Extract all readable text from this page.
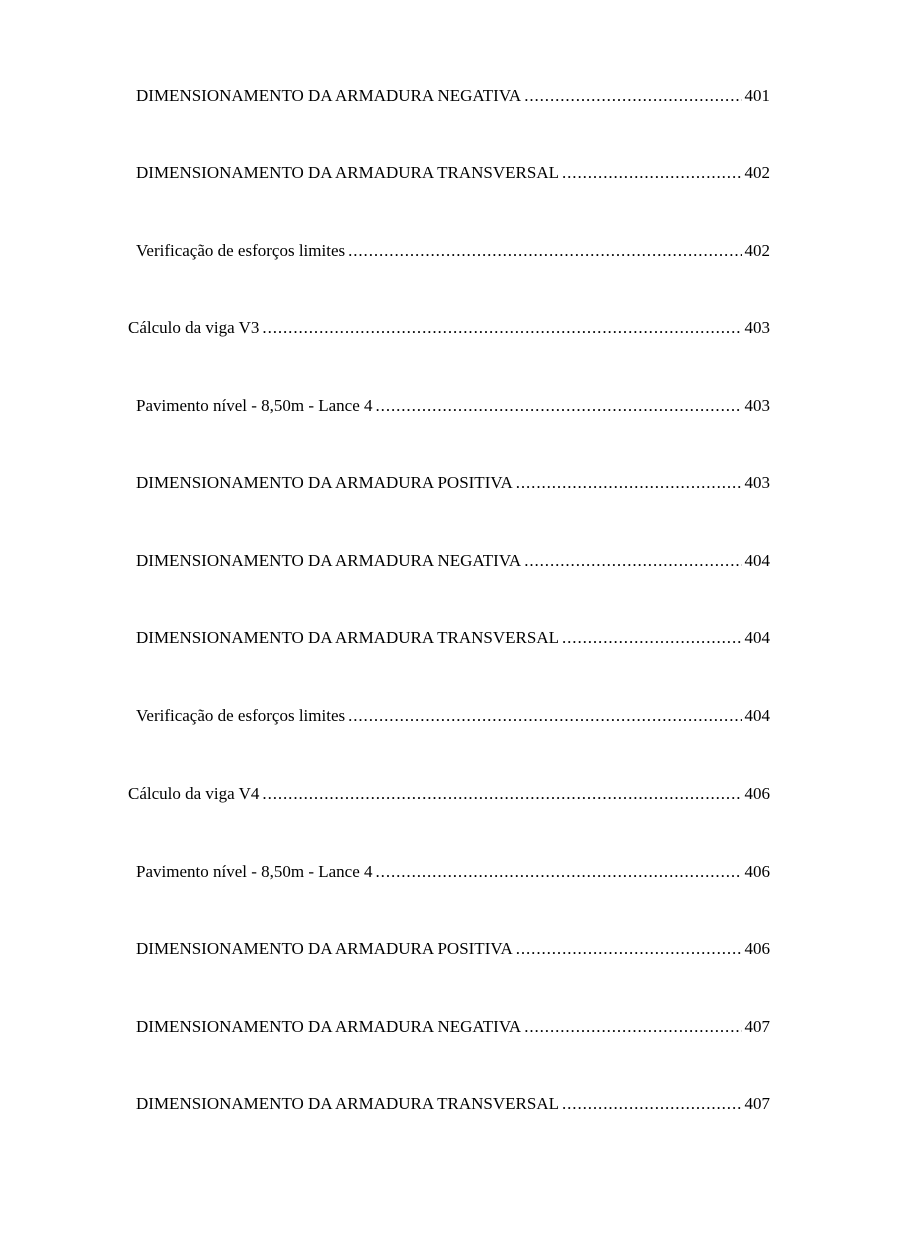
DIMENSIONAMENTO DA ARMADURA NEGATIVA .....	401
DIMENSIONAMENTO DA ARMADURA TRANSVERSAL .....	402
Verificação de esforços limites .....	402
Cálculo da viga V3 .....	403
Pavimento nível - 8,50m - Lance 4 .....	403
DIMENSIONAMENTO DA ARMADURA POSITIVA .....	403
DIMENSIONAMENTO DA ARMADURA NEGATIVA .....	404
DIMENSIONAMENTO DA ARMADURA TRANSVERSAL .....	404
Verificação de esforços limites .....	404
Cálculo da viga V4 .....	406
Pavimento nível - 8,50m - Lance 4 .....	406
DIMENSIONAMENTO DA ARMADURA POSITIVA .....	406
DIMENSIONAMENTO DA ARMADURA NEGATIVA .....	407
DIMENSIONAMENTO DA ARMADURA TRANSVERSAL .....	407
